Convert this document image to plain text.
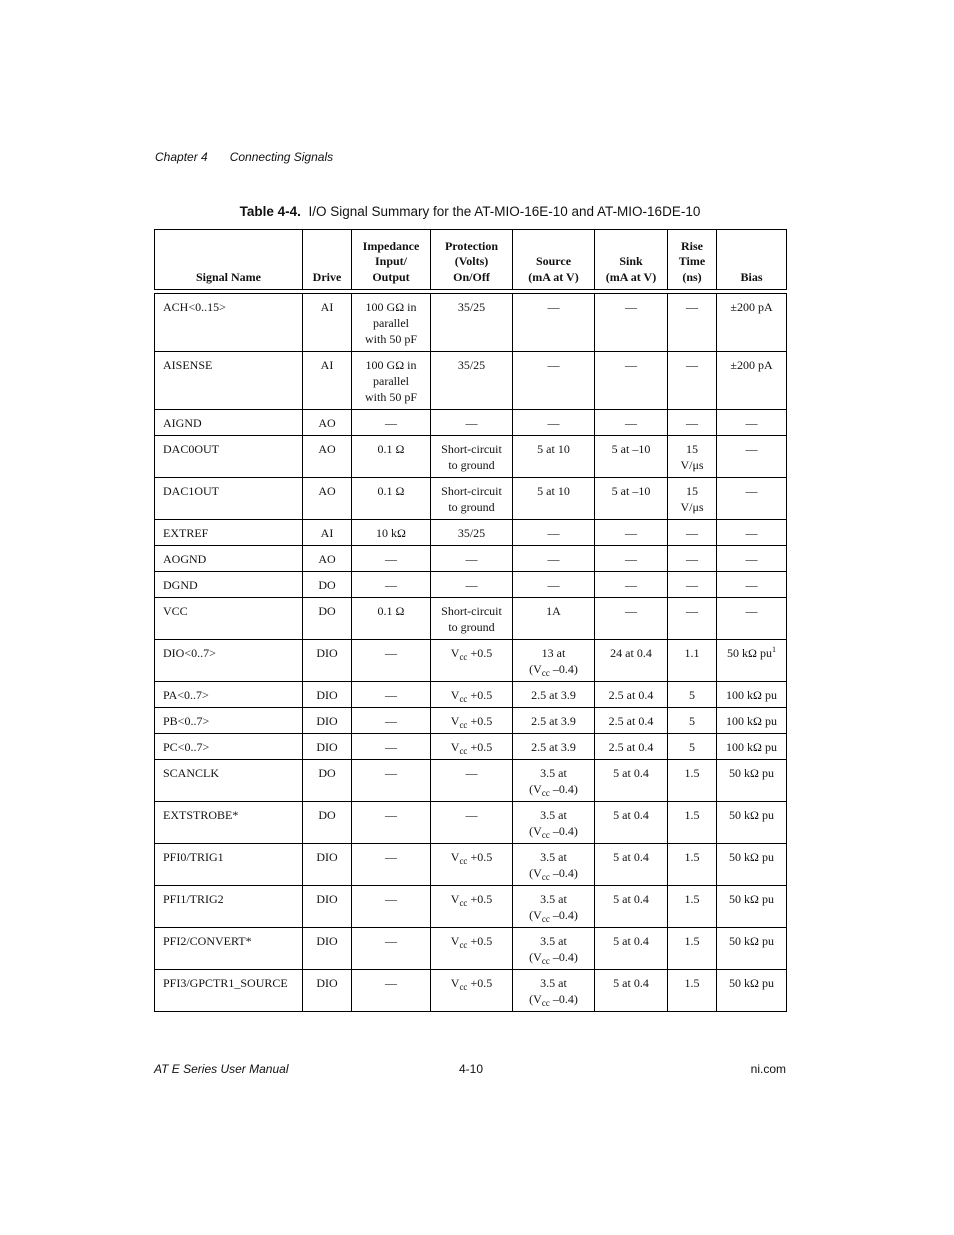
Chapter 4 Connecting Signals
Table 4-4. I/O Signal Summary for the AT-MIO-16E-10 and AT-MIO-16DE-10
Signal Name	Drive	Impedance
Input/
Output	Protection
(Volts)
On/Off	Source
(mA at V)	Sink
(mA at V)	Rise
Time
(ns)	Bias

ACH<0..15>	AI	100 GΩ in
parallel
with 50 pF	35/25	—	—	—	±200 pA
AISENSE	AI	100 GΩ in
parallel
with 50 pF	35/25	—	—	—	±200 pA
AIGND	AO	—	—	—	—	—	—
DAC0OUT	AO	0.1 Ω	Short-circuit
to ground	5 at 10	5 at –10	15
V/μs	—
DAC1OUT	AO	0.1 Ω	Short-circuit
to ground	5 at 10	5 at –10	15
V/μs	—
EXTREF	AI	10 kΩ	35/25	—	—	—	—
AOGND	AO	—	—	—	—	—	—
DGND	DO	—	—	—	—	—	—
VCC	DO	0.1 Ω	Short-circuit
to ground	1A	—	—	—
DIO<0..7>	DIO	—	$V_{cc} +0.5$	13 at
($V_{cc}$ –0.4)	24 at 0.4	1.1	50 kΩ $pu^1$
PA<0..7>	DIO	—	$V_{cc} +0.5$	2.5 at 3.9	2.5 at 0.4	5	100 kΩ pu
PB<0..7>	DIO	—	$V_{cc} +0.5$	2.5 at 3.9	2.5 at 0.4	5	100 kΩ pu
PC<0..7>	DIO	—	$V_{cc} +0.5$	2.5 at 3.9	2.5 at 0.4	5	100 kΩ pu
SCANCLK	DO	—	—	3.5 at
($V_{cc}$ –0.4)	5 at 0.4	1.5	50 kΩ pu
EXTSTROBE*	DO	—	—	3.5 at
($V_{cc}$ –0.4)	5 at 0.4	1.5	50 kΩ pu
PFI0/TRIG1	DIO	—	$V_{cc} +0.5$	3.5 at
($V_{cc}$ –0.4)	5 at 0.4	1.5	50 kΩ pu
PFI1/TRIG2	DIO	—	$V_{cc} +0.5$	3.5 at
($V_{cc}$ –0.4)	5 at 0.4	1.5	50 kΩ pu
PFI2/CONVERT*	DIO	—	$V_{cc} +0.5$	3.5 at
($V_{cc}$ –0.4)	5 at 0.4	1.5	50 kΩ pu
PFI3/GPCTR1_SOURCE	DIO	—	$V_{cc} +0.5$	3.5 at
($V_{cc}$ –0.4)	5 at 0.4	1.5	50 kΩ pu
AT E Series User Manual	4-10	ni.com
